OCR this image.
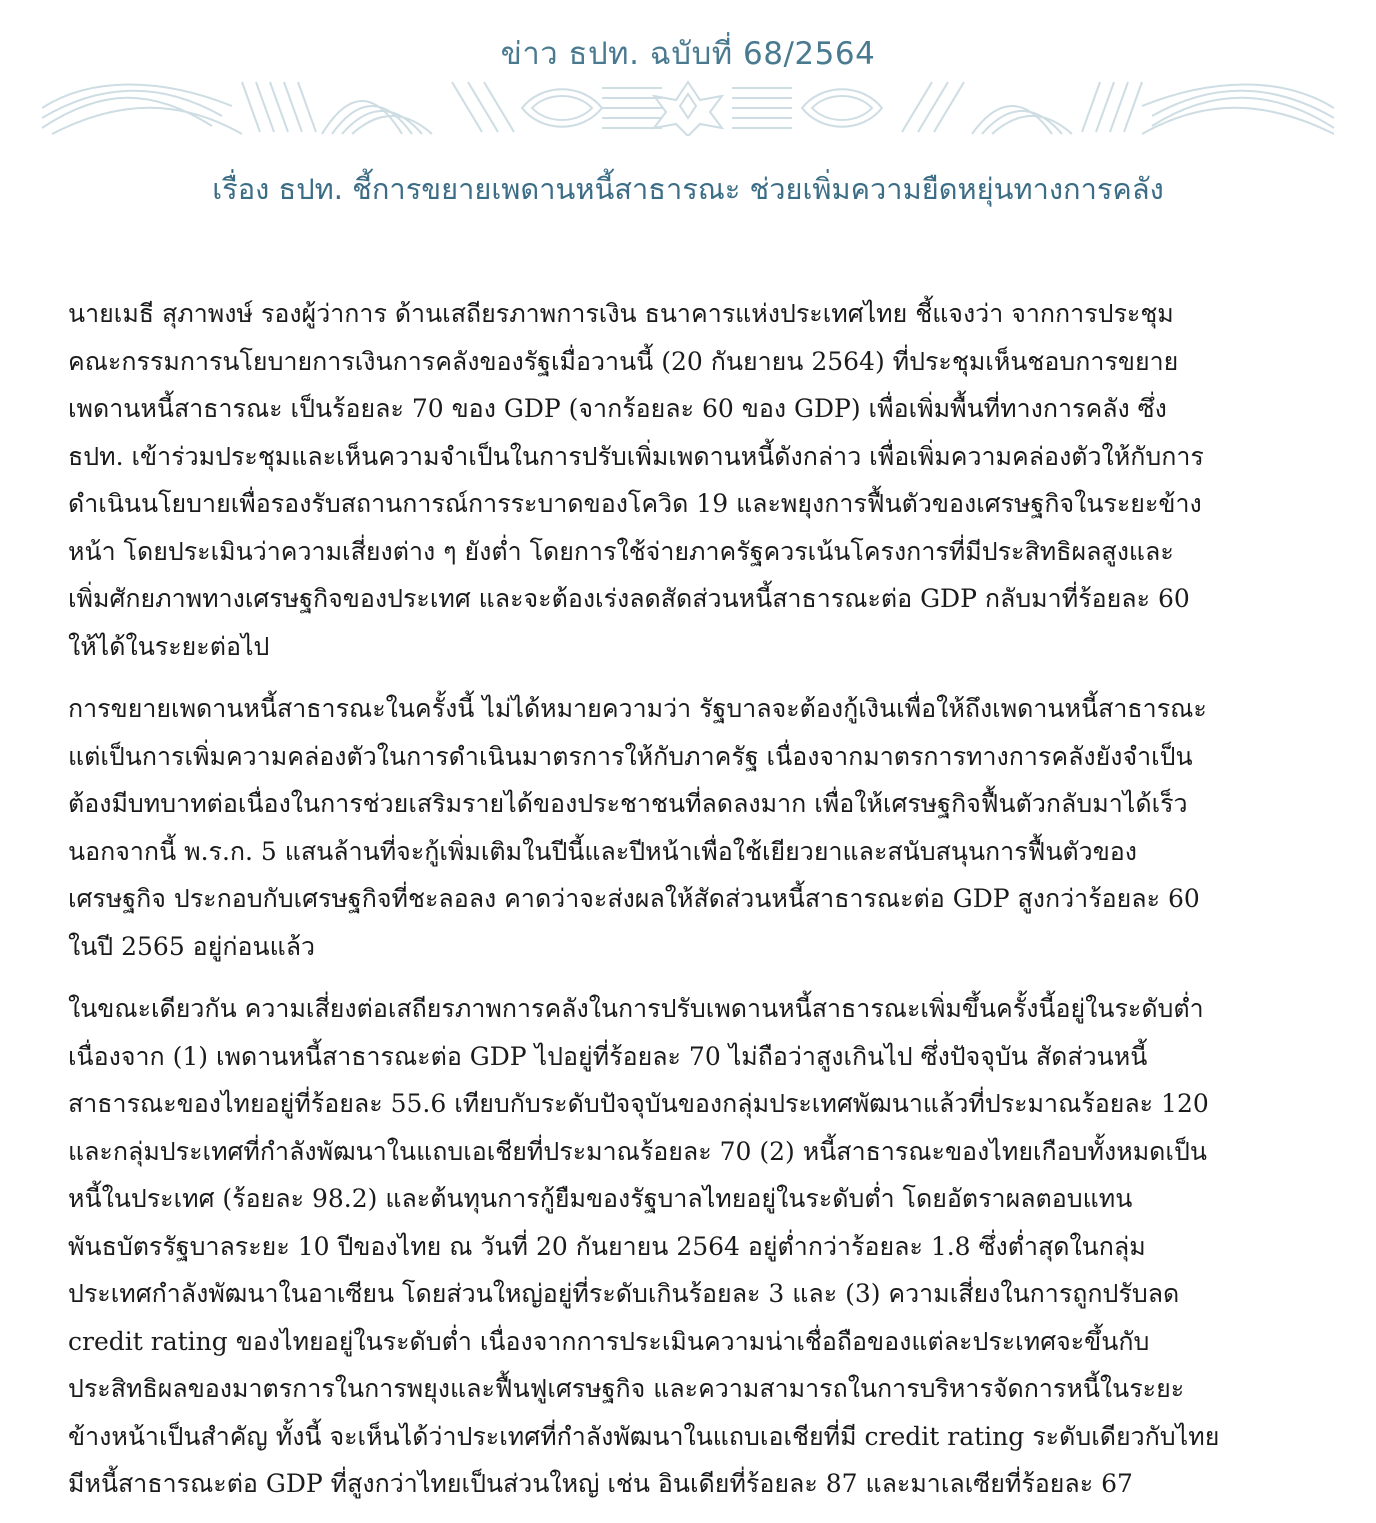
ข่าว ธปท. ฉบับที่ 68/2564
เรื่อง ธปท. ชี้การขยายเพดานหนี้สาธารณะ ช่วยเพิ่มความยืดหยุ่นทางการคลัง

นายเมธี สุภาพงษ์ รองผู้ว่าการ ด้านเสถียรภาพการเงิน ธนาคารแห่งประเทศไทย ชี้แจงว่า จากการประชุม
คณะกรรมการนโยบายการเงินการคลังของรัฐเมื่อวานนี้ (20 กันยายน 2564) ที่ประชุมเห็นชอบการขยาย
เพดานหนี้สาธารณะ เป็นร้อยละ 70 ของ GDP (จากร้อยละ 60 ของ GDP) เพื่อเพิ่มพื้นที่ทางการคลัง ซึ่ง
ธปท. เข้าร่วมประชุมและเห็นความจำเป็นในการปรับเพิ่มเพดานหนี้ดังกล่าว เพื่อเพิ่มความคล่องตัวให้กับการ
ดำเนินนโยบายเพื่อรองรับสถานการณ์การระบาดของโควิด 19 และพยุงการฟื้นตัวของเศรษฐกิจในระยะข้าง
หน้า โดยประเมินว่าความเสี่ยงต่าง ๆ ยังต่ำ โดยการใช้จ่ายภาครัฐควรเน้นโครงการที่มีประสิทธิผลสูงและ
เพิ่มศักยภาพทางเศรษฐกิจของประเทศ และจะต้องเร่งลดสัดส่วนหนี้สาธารณะต่อ GDP กลับมาที่ร้อยละ 60
ให้ได้ในระยะต่อไป

การขยายเพดานหนี้สาธารณะในครั้งนี้ ไม่ได้หมายความว่า รัฐบาลจะต้องกู้เงินเพื่อให้ถึงเพดานหนี้สาธารณะ
แต่เป็นการเพิ่มความคล่องตัวในการดำเนินมาตรการให้กับภาครัฐ เนื่องจากมาตรการทางการคลังยังจำเป็น
ต้องมีบทบาทต่อเนื่องในการช่วยเสริมรายได้ของประชาชนที่ลดลงมาก เพื่อให้เศรษฐกิจฟื้นตัวกลับมาได้เร็ว
นอกจากนี้ พ.ร.ก. 5 แสนล้านที่จะกู้เพิ่มเติมในปีนี้และปีหน้าเพื่อใช้เยียวยาและสนับสนุนการฟื้นตัวของ
เศรษฐกิจ ประกอบกับเศรษฐกิจที่ชะลอลง คาดว่าจะส่งผลให้สัดส่วนหนี้สาธารณะต่อ GDP สูงกว่าร้อยละ 60
ในปี 2565 อยู่ก่อนแล้ว

ในขณะเดียวกัน ความเสี่ยงต่อเสถียรภาพการคลังในการปรับเพดานหนี้สาธารณะเพิ่มขึ้นครั้งนี้อยู่ในระดับต่ำ
เนื่องจาก (1) เพดานหนี้สาธารณะต่อ GDP ไปอยู่ที่ร้อยละ 70 ไม่ถือว่าสูงเกินไป ซึ่งปัจจุบัน สัดส่วนหนี้
สาธารณะของไทยอยู่ที่ร้อยละ 55.6 เทียบกับระดับปัจจุบันของกลุ่มประเทศพัฒนาแล้วที่ประมาณร้อยละ 120
และกลุ่มประเทศที่กำลังพัฒนาในแถบเอเชียที่ประมาณร้อยละ 70 (2) หนี้สาธารณะของไทยเกือบทั้งหมดเป็น
หนี้ในประเทศ (ร้อยละ 98.2) และต้นทุนการกู้ยืมของรัฐบาลไทยอยู่ในระดับต่ำ โดยอัตราผลตอบแทน
พันธบัตรรัฐบาลระยะ 10 ปีของไทย ณ วันที่ 20 กันยายน 2564 อยู่ต่ำกว่าร้อยละ 1.8 ซึ่งต่ำสุดในกลุ่ม
ประเทศกำลังพัฒนาในอาเซียน โดยส่วนใหญ่อยู่ที่ระดับเกินร้อยละ 3 และ (3) ความเสี่ยงในการถูกปรับลด
credit rating ของไทยอยู่ในระดับต่ำ เนื่องจากการประเมินความน่าเชื่อถือของแต่ละประเทศจะขึ้นกับ
ประสิทธิผลของมาตรการในการพยุงและฟื้นฟูเศรษฐกิจ และความสามารถในการบริหารจัดการหนี้ในระยะ
ข้างหน้าเป็นสำคัญ ทั้งนี้ จะเห็นได้ว่าประเทศที่กำลังพัฒนาในแถบเอเชียที่มี credit rating ระดับเดียวกับไทย
มีหนี้สาธารณะต่อ GDP ที่สูงกว่าไทยเป็นส่วนใหญ่ เช่น อินเดียที่ร้อยละ 87 และมาเลเซียที่ร้อยละ 67
